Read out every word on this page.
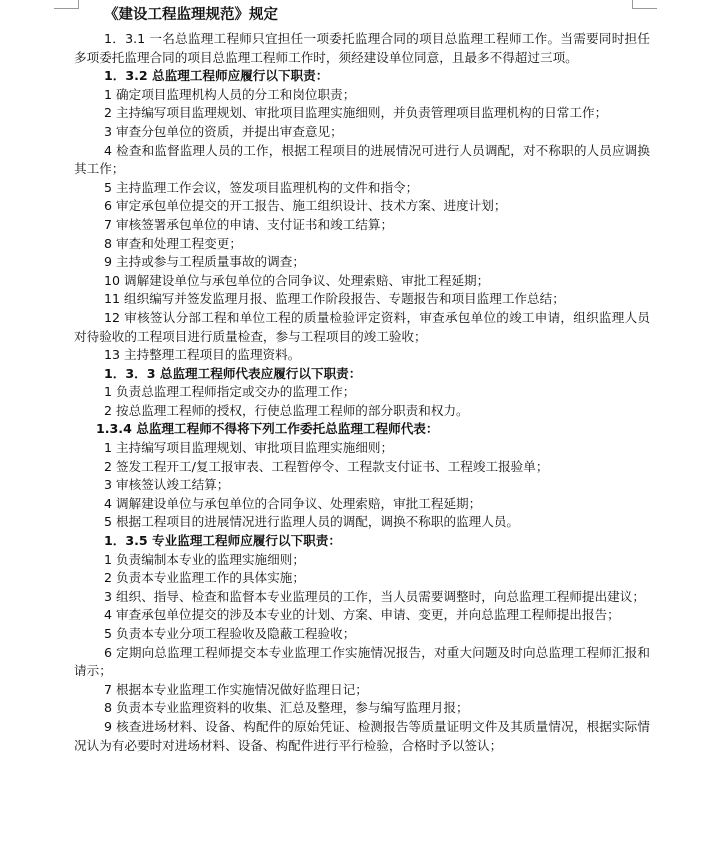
《建设工程监理规范》规定
1．3.1 一名总监理工程师只宜担任一项委托监理合同的项目总监理工程师工作。当需要同时担任多项委托监理合同的项目总监理工程师工作时，须经建设单位同意，且最多不得超过三项。
1．3.2 总监理工程师应履行以下职责：
1 确定项目监理机构人员的分工和岗位职责；
2 主持编写项目监理规划、审批项目监理实施细则，并负责管理项目监理机构的日常工作；
3 审查分包单位的资质，并提出审查意见；
4 检查和监督监理人员的工作，根据工程项目的进展情况可进行人员调配，对不称职的人员应调换其工作；
5 主持监理工作会议，签发项目监理机构的文件和指令；
6 审定承包单位提交的开工报告、施工组织设计、技术方案、进度计划；
7 审核签署承包单位的申请、支付证书和竣工结算；
8 审查和处理工程变更；
9 主持或参与工程质量事故的调查；
10 调解建设单位与承包单位的合同争议、处理索赔、审批工程延期；
11 组织编写并签发监理月报、监理工作阶段报告、专题报告和项目监理工作总结；
12 审核签认分部工程和单位工程的质量检验评定资料，审查承包单位的竣工申请，组织监理人员对待验收的工程项目进行质量检查，参与工程项目的竣工验收；
13 主持整理工程项目的监理资料。
1．3．3 总监理工程师代表应履行以下职责：
1 负责总监理工程师指定或交办的监理工作；
2 按总监理工程师的授权，行使总监理工程师的部分职责和权力。
1.3.4 总监理工程师不得将下列工作委托总监理工程师代表：
1 主持编写项目监理规划、审批项目监理实施细则；
2 签发工程开工/复工报审表、工程暂停令、工程款支付证书、工程竣工报验单；
3 审核签认竣工结算；
4 调解建设单位与承包单位的合同争议、处理索赔，审批工程延期；
5 根据工程项目的进展情况进行监理人员的调配，调换不称职的监理人员。
1．3.5 专业监理工程师应履行以下职责：
1 负责编制本专业的监理实施细则；
2 负责本专业监理工作的具体实施；
3 组织、指导、检查和监督本专业监理员的工作，当人员需要调整时，向总监理工程师提出建议；
4 审查承包单位提交的涉及本专业的计划、方案、申请、变更，并向总监理工程师提出报告；
5 负责本专业分项工程验收及隐蔽工程验收；
6 定期向总监理工程师提交本专业监理工作实施情况报告，对重大问题及时向总监理工程师汇报和请示；
7 根据本专业监理工作实施情况做好监理日记；
8 负责本专业监理资料的收集、汇总及整理，参与编写监理月报；
9 核查进场材料、设备、构配件的原始凭证、检测报告等质量证明文件及其质量情况，根据实际情况认为有必要时对进场材料、设备、构配件进行平行检验，合格时予以签认；
